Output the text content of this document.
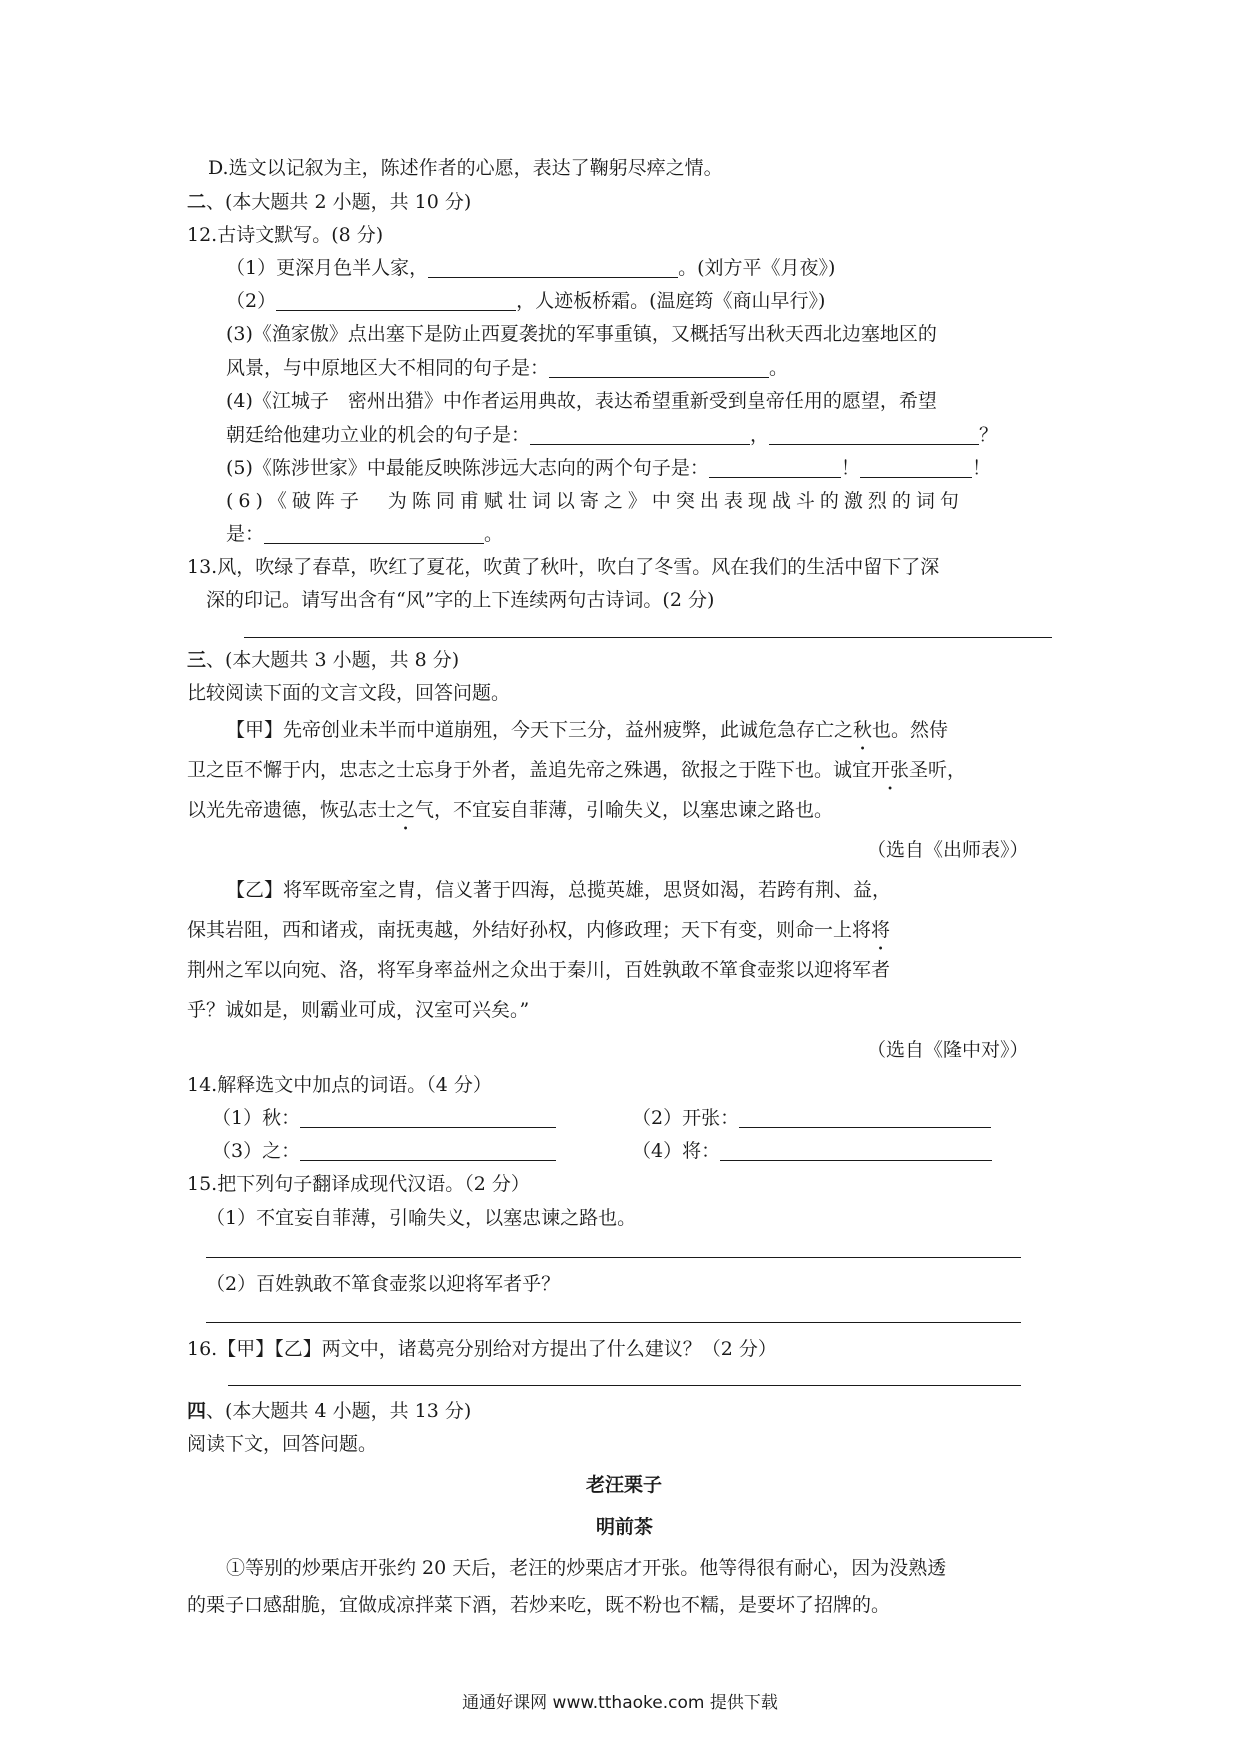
D.选文以记叙为主，陈述作者的心愿，表达了鞠躬尽瘁之情。
二、(本大题共 2 小题，共 10 分)
12.古诗文默写。(8 分)
（1）更深月色半人家，	。(刘方平《月夜》)
（2）	，人迹板桥霜。(温庭筠《商山早行》)
(3)《渔家傲》点出塞下是防止西夏袭扰的军事重镇，又概括写出秋天西北边塞地区的
风景，与中原地区大不相同的句子是：	。
(4)《江城子　密州出猎》中作者运用典故，表达希望重新受到皇帝任用的愿望，希望
朝廷给他建功立业的机会的句子是：	，	？
(5)《陈涉世家》中最能反映陈涉远大志向的两个句子是：	！	！
(6)《破阵子　为陈同甫赋壮词以寄之》中突出表现战斗的激烈的词句
是：	。
13.风，吹绿了春草，吹红了夏花，吹黄了秋叶，吹白了冬雪。风在我们的生活中留下了深
深的印记。请写出含有“风”字的上下连续两句古诗词。(2 分)
三、(本大题共 3 小题，共 8 分)
比较阅读下面的文言文段，回答问题。
【甲】先帝创业未半而中道崩殂，今天下三分，益州疲弊，此诚危急存亡之秋也。然侍
卫之臣不懈于内，忠志之士忘身于外者，盖追先帝之殊遇，欲报之于陛下也。诚宜开张圣听，
以光先帝遗德，恢弘志士之气，不宜妄自菲薄，引喻失义，以塞忠谏之路也。
（选自《出师表》）
【乙】将军既帝室之胄，信义著于四海，总揽英雄，思贤如渴，若跨有荆、益，
保其岩阻，西和诸戎，南抚夷越，外结好孙权，内修政理；天下有变，则命一上将将
荆州之军以向宛、洛，将军身率益州之众出于秦川，百姓孰敢不箪食壶浆以迎将军者
乎？诚如是，则霸业可成，汉室可兴矣。”
（选自《隆中对》）
14.解释选文中加点的词语。（4 分）
（1）秋：	（2）开张：
（3）之：	（4）将：
15.把下列句子翻译成现代汉语。（2 分）
（1）不宜妄自菲薄，引喻失义，以塞忠谏之路也。
（2）百姓孰敢不箪食壶浆以迎将军者乎？
16.【甲】【乙】两文中，诸葛亮分别给对方提出了什么建议？（2 分）
四、(本大题共 4 小题，共 13 分)
阅读下文，回答问题。
老汪栗子
明前茶
①等别的炒栗店开张约 20 天后，老汪的炒栗店才开张。他等得很有耐心，因为没熟透
的栗子口感甜脆，宜做成凉拌菜下酒，若炒来吃，既不粉也不糯，是要坏了招牌的。
通通好课网 www.tthaoke.com 提供下载
